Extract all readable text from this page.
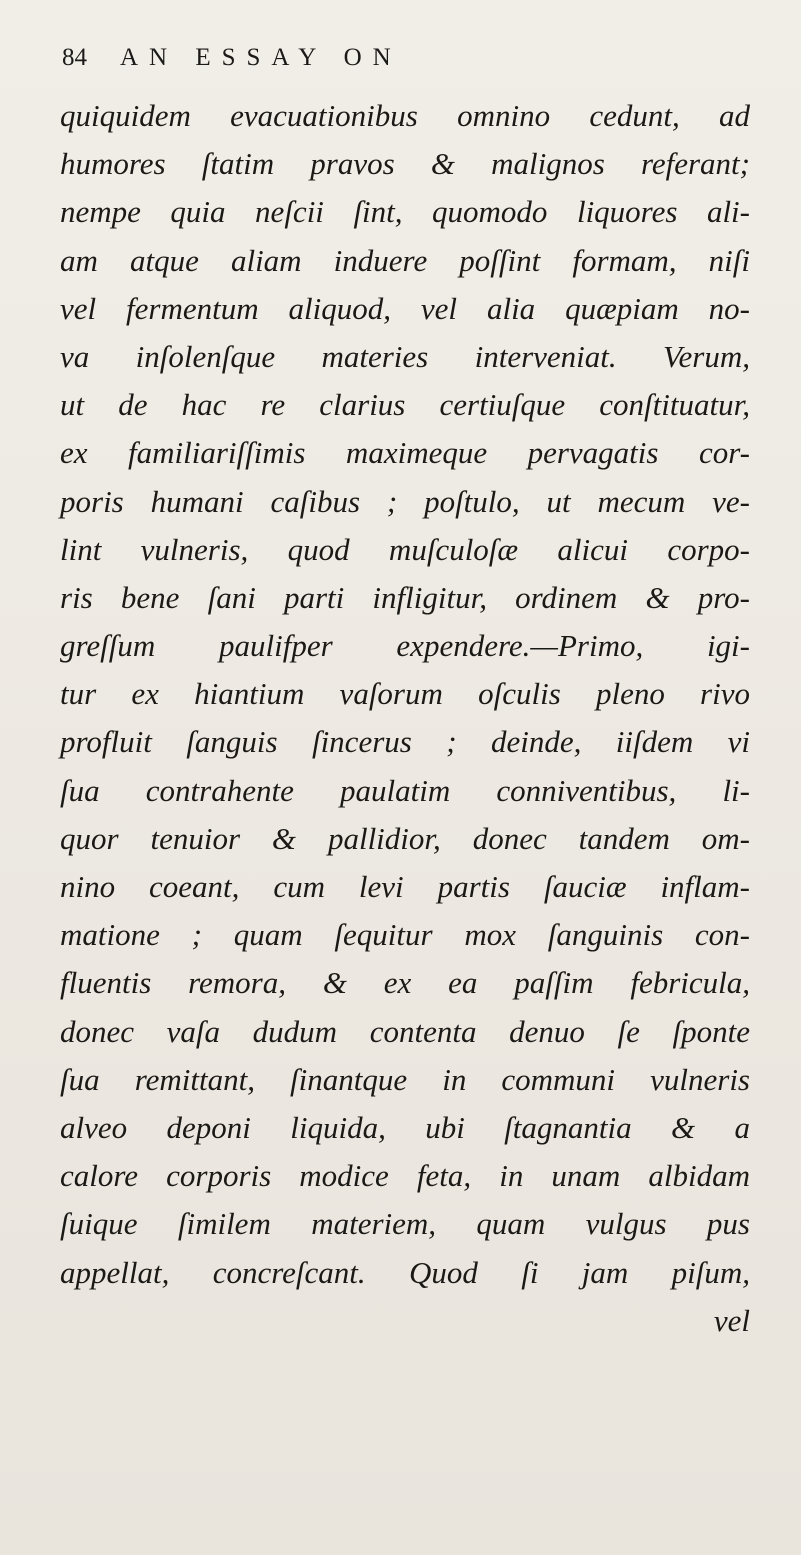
84	AN ESSAY ON
quiquidem evacuationibus omnino cedunt, ad
humores ſtatim pravos & malignos referant;
nempe quia neſcii ſint, quomodo liquores ali-
am atque aliam induere poſſint formam, niſi
vel fermentum aliquod, vel alia quæpiam no-
va inſolenſque materies interveniat. Verum,
ut de hac re clarius certiuſque conſtituatur,
ex familiariſſimis maximeque pervagatis cor-
poris humani caſibus ; poſtulo, ut mecum ve-
lint vulneris, quod muſculoſæ alicui corpo-
ris bene ſani parti infligitur, ordinem & pro-
greſſum paulifper expendere.—Primo, igi-
tur ex hiantium vaſorum oſculis pleno rivo
profluit ſanguis ſincerus ; deinde, iiſdem vi
ſua contrahente paulatim conniventibus, li-
quor tenuior & pallidior, donec tandem om-
nino coeant, cum levi partis ſauciæ inflam-
matione ; quam ſequitur mox ſanguinis con-
fluentis remora, & ex ea paſſim febricula,
donec vaſa dudum contenta denuo ſe ſponte
ſua remittant, ſinantque in communi vulneris
alveo deponi liquida, ubi ſtagnantia & a
calore corporis modice feta, in unam albidam
ſuique ſimilem materiem, quam vulgus pus
appellat, concreſcant. Quod ſi jam piſum,
vel
